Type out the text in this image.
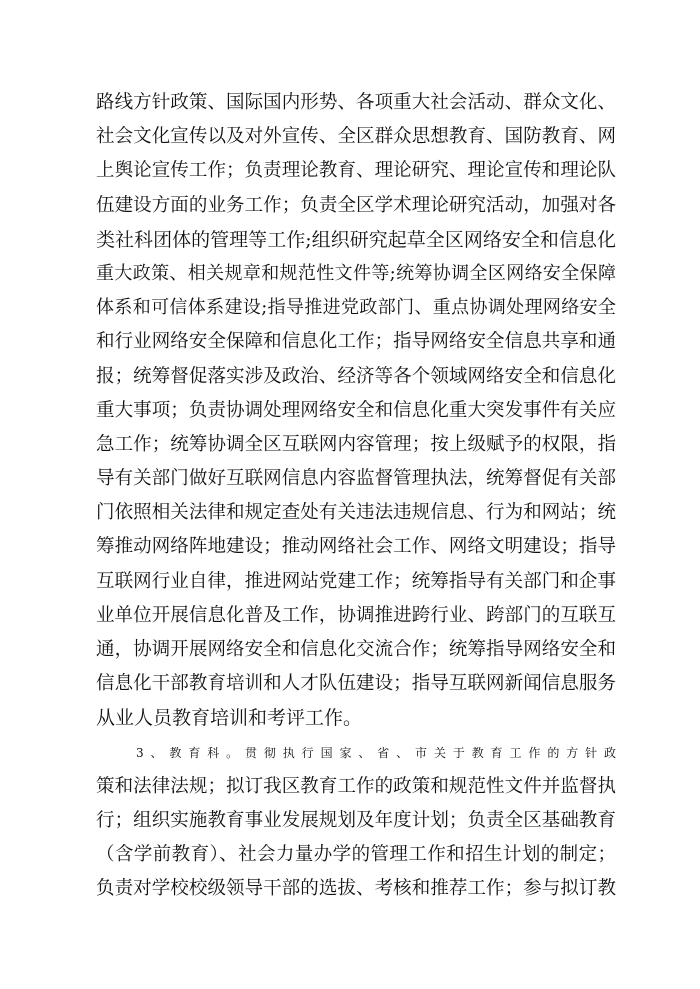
路线方针政策、国际国内形势、各项重大社会活动、群众文化、
社会文化宣传以及对外宣传、全区群众思想教育、国防教育、网
上舆论宣传工作；负责理论教育、理论研究、理论宣传和理论队
伍建设方面的业务工作；负责全区学术理论研究活动，加强对各
类社科团体的管理等工作;组织研究起草全区网络安全和信息化
重大政策、相关规章和规范性文件等;统筹协调全区网络安全保障
体系和可信体系建设;指导推进党政部门、重点协调处理网络安全
和行业网络安全保障和信息化工作；指导网络安全信息共享和通
报；统筹督促落实涉及政治、经济等各个领域网络安全和信息化
重大事项；负责协调处理网络安全和信息化重大突发事件有关应
急工作；统筹协调全区互联网内容管理；按上级赋予的权限，指
导有关部门做好互联网信息内容监督管理执法，统筹督促有关部
门依照相关法律和规定查处有关违法违规信息、行为和网站；统
筹推动网络阵地建设；推动网络社会工作、网络文明建设；指导
互联网行业自律，推进网站党建工作；统筹指导有关部门和企事
业单位开展信息化普及工作，协调推进跨行业、跨部门的互联互
通，协调开展网络安全和信息化交流合作；统筹指导网络安全和
信息化干部教育培训和人才队伍建设；指导互联网新闻信息服务
从业人员教育培训和考评工作。
3、教育科。贯彻执行国家、省、市关于教育工作的方针政
策和法律法规；拟订我区教育工作的政策和规范性文件并监督执
行；组织实施教育事业发展规划及年度计划；负责全区基础教育
（含学前教育）、社会力量办学的管理工作和招生计划的制定；
负责对学校校级领导干部的选拔、考核和推荐工作；参与拟订教
